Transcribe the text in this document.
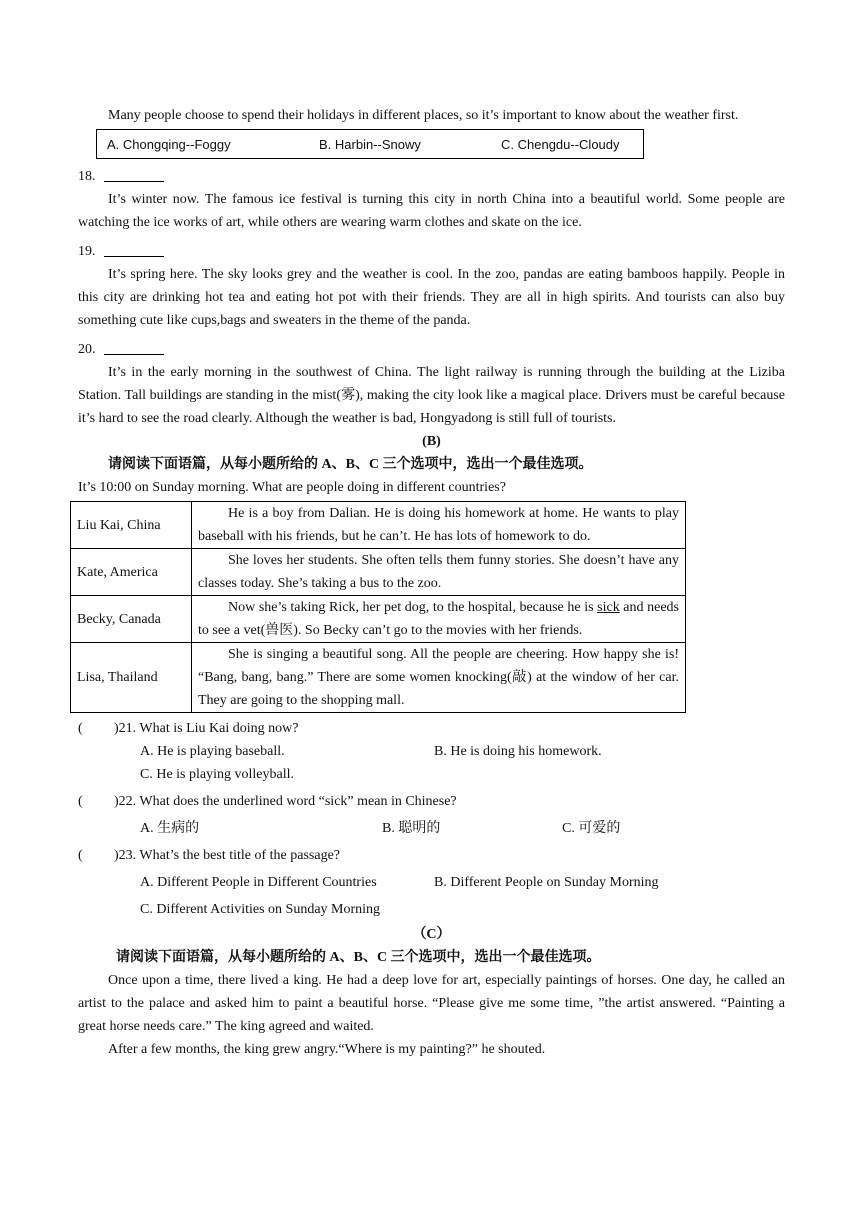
Many people choose to spend their holidays in different places, so it’s important to know about the weather first.

A. Chongqing--Foggy	B. Harbin--Snowy	C. Chengdu--Cloudy
18.

It’s winter now. The famous ice festival is turning this city in north China into a beautiful world. Some people are watching the ice works of art, while others are wearing warm clothes and skate on the ice.

19.

It’s spring here. The sky looks grey and the weather is cool. In the zoo, pandas are eating bamboos happily. People in this city are drinking hot tea and eating hot pot with their friends. They are all in high spirits. And tourists can also buy something cute like cups,bags and sweaters in the theme of the panda.

20.

It’s in the early morning in the southwest of China. The light railway is running through the building at the Liziba Station. Tall buildings are standing in the mist(雾), making the city look like a magical place. Drivers must be careful because it’s hard to see the road clearly. Although the weather is bad, Hongyadong is still full of tourists.

(B)
请阅读下面语篇，从每小题所给的 A、B、C 三个选项中，选出一个最佳选项。

It’s 10:00 on Sunday morning. What are people doing in different countries?

Liu Kai, China	He is a boy from Dalian. He is doing his homework at home. He wants to play baseball with his friends, but he can’t. He has lots of homework to do.

Kate, America	She loves her students. She often tells them funny stories. She doesn’t have any classes today. She’s taking a bus to the zoo.

Becky, Canada	Now she’s taking Rick, her pet dog, to the hospital, because he is sick and needs to see a vet(兽医). So Becky can’t go to the movies with her friends.

Lisa, Thailand	She is singing a beautiful song. All the people are cheering. How happy she is! “Bang, bang, bang.” There are some women knocking(敲) at the window of her car. They are going to the shopping mall.

( )21. What is Liu Kai doing now?
A. He is playing baseball.	B. He is doing his homework.
C. He is playing volleyball.
( )22. What does the underlined word “sick” mean in Chinese?
A. 生病的	B. 聪明的	C. 可爱的
( )23. What’s the best title of the passage?
A. Different People in Different Countries	B. Different People on Sunday Morning
C. Different Activities on Sunday Morning
（C）
请阅读下面语篇，从每小题所给的 A、B、C 三个选项中，选出一个最佳选项。

Once upon a time, there lived a king. He had a deep love for art, especially paintings of horses. One day, he called an artist to the palace and asked him to paint a beautiful horse. “Please give me some time, ”the artist answered. “Painting a great horse needs care.” The king agreed and waited.

After a few months, the king grew angry.“Where is my painting?” he shouted.
